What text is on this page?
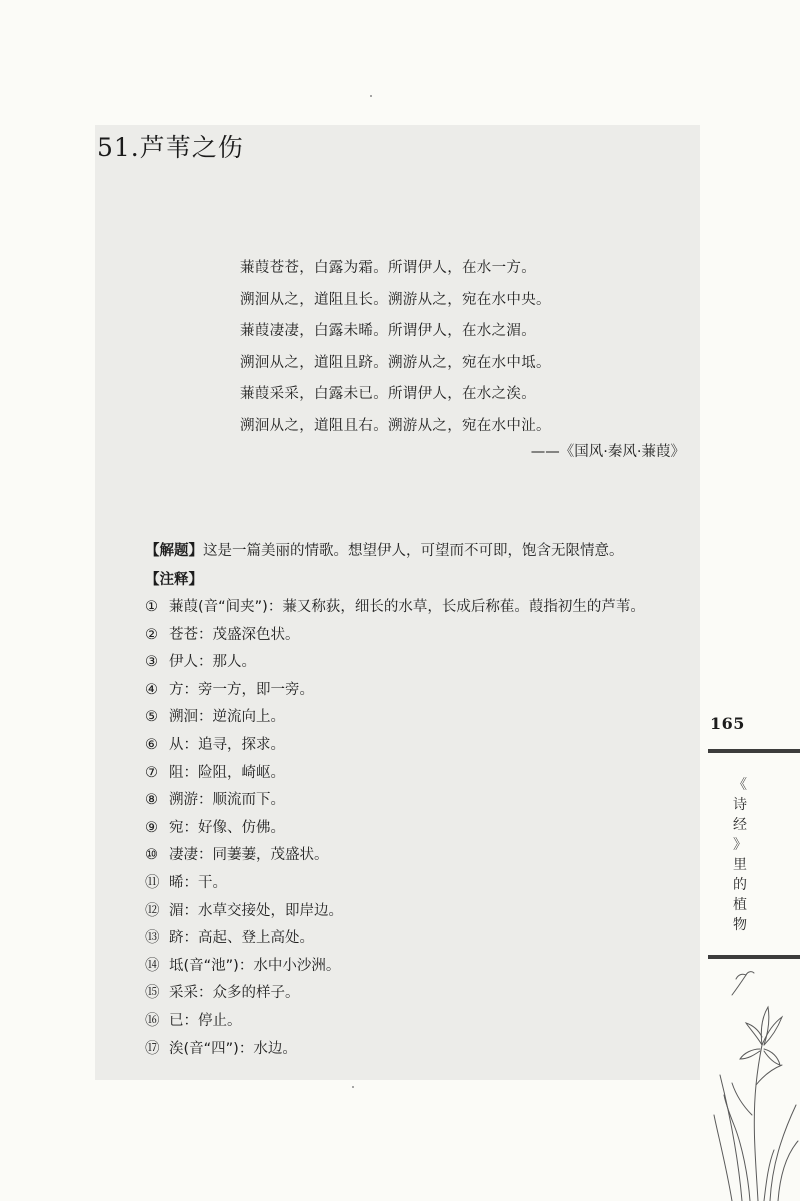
51.芦苇之伤
蒹葭苍苍，白露为霜。所谓伊人，在水一方。
溯洄从之，道阻且长。溯游从之，宛在水中央。
蒹葭凄凄，白露未晞。所谓伊人，在水之湄。
溯洄从之，道阻且跻。溯游从之，宛在水中坻。
蒹葭采采，白露未已。所谓伊人，在水之涘。
溯洄从之，道阻且右。溯游从之，宛在水中沚。
——《国风·秦风·蒹葭》
【解题】这是一篇美丽的情歌。想望伊人，可望而不可即，饱含无限情意。
【注释】
① 蒹葭(音“间夹”)：蒹又称荻，细长的水草，长成后称萑。葭指初生的芦苇。
② 苍苍：茂盛深色状。
③ 伊人：那人。
④ 方：旁一方，即一旁。
⑤ 溯洄：逆流向上。
⑥ 从：追寻，探求。
⑦ 阻：险阻，崎岖。
⑧ 溯游：顺流而下。
⑨ 宛：好像、仿佛。
⑩ 凄凄：同萋萋，茂盛状。
⑪ 晞：干。
⑫ 湄：水草交接处，即岸边。
⑬ 跻：高起、登上高处。
⑭ 坻(音“池”)：水中小沙洲。
⑮ 采采：众多的样子。
⑯ 已：停止。
⑰ 涘(音“四”)：水边。
165
《
诗
经
》
里
的
植
物
